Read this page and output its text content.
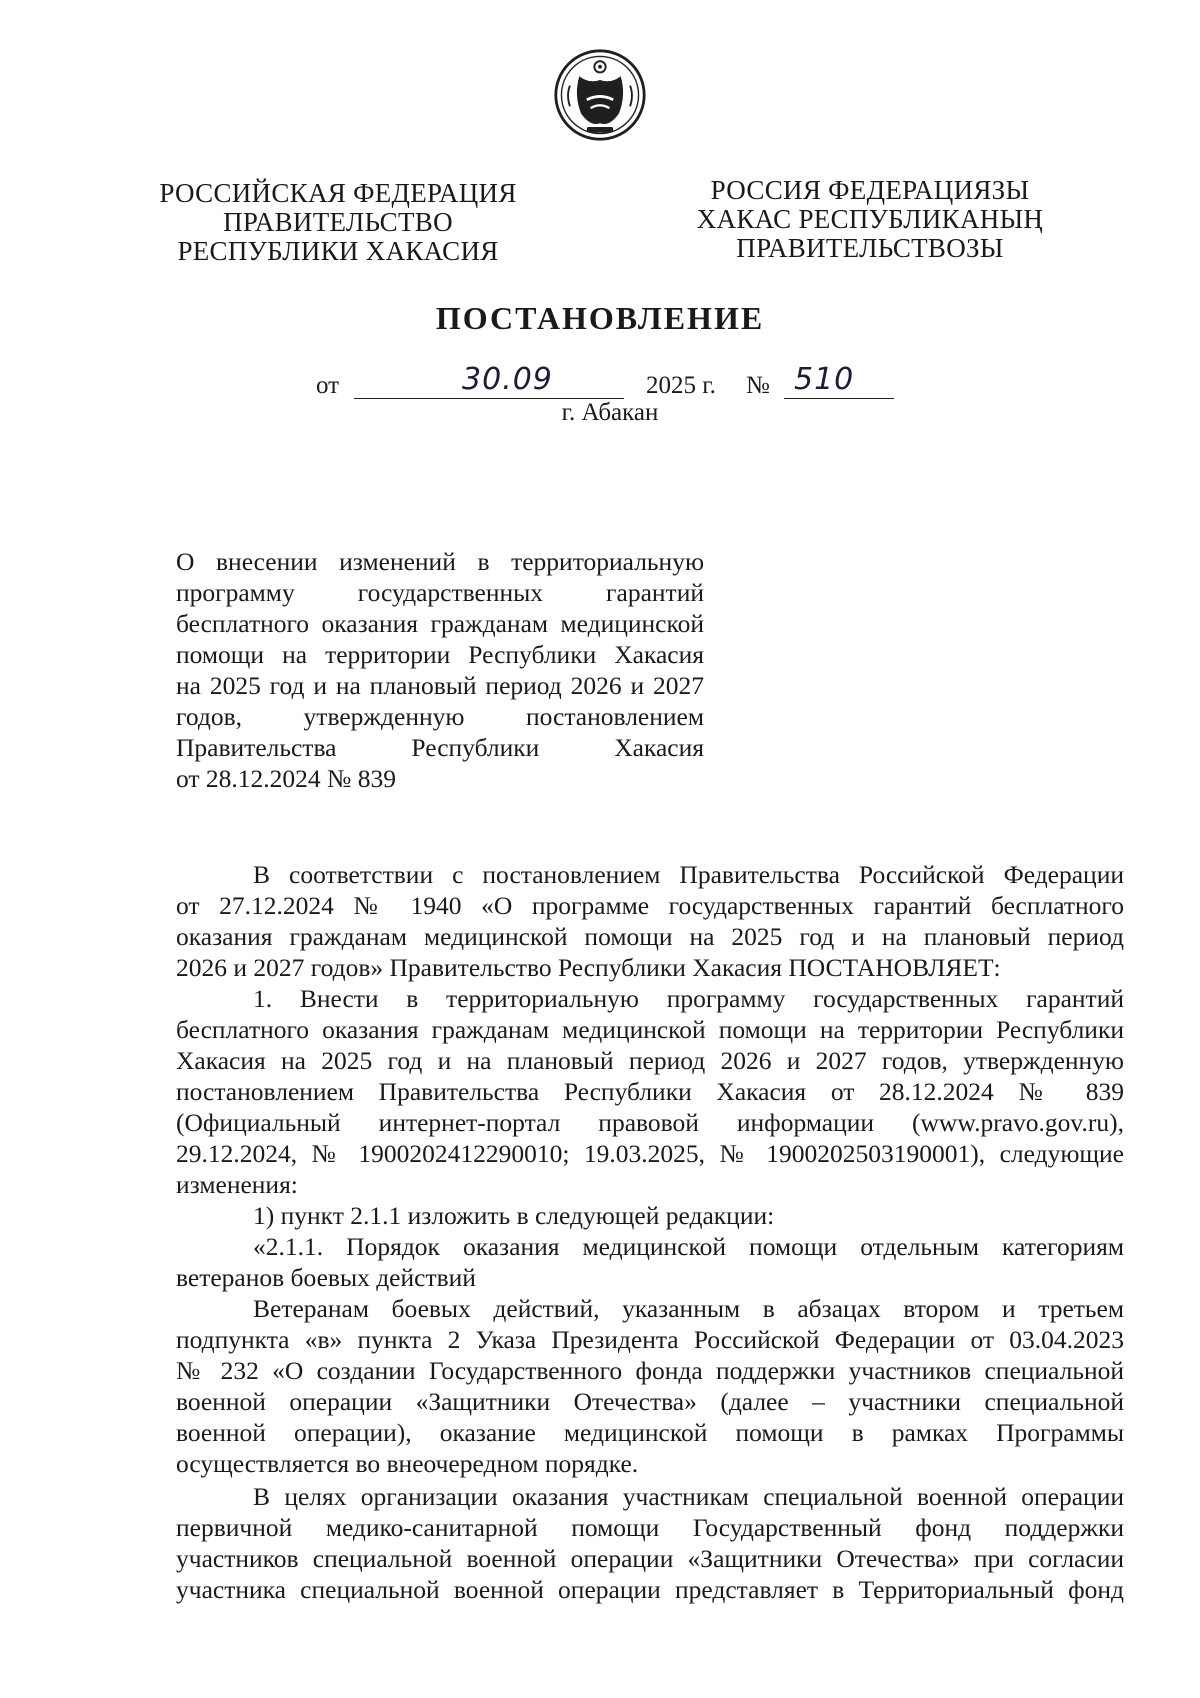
РОССИЙСКАЯ ФЕДЕРАЦИЯ
ПРАВИТЕЛЬСТВО
РЕСПУБЛИКИ ХАКАСИЯ
РОССИЯ ФЕДЕРАЦИЯЗЫ
ХАКАС РЕСПУБЛИКАНЫҢ
ПРАВИТЕЛЬСТВОЗЫ
ПОСТАНОВЛЕНИЕ
от	30.09	2025 г. № 510
г. Абакан
О внесении изменений в территориальную
программу государственных гарантий
бесплатного оказания гражданам медицинской
помощи на территории Республики Хакасия
на 2025 год и на плановый период 2026 и 2027
годов, утвержденную постановлением
Правительства Республики Хакасия
от 28.12.2024 № 839
В соответствии с постановлением Правительства Российской Федерации
от 27.12.2024 № 1940 «О программе государственных гарантий бесплатного
оказания гражданам медицинской помощи на 2025 год и на плановый период
2026 и 2027 годов» Правительство Республики Хакасия ПОСТАНОВЛЯЕТ:
1. Внести в территориальную программу государственных гарантий
бесплатного оказания гражданам медицинской помощи на территории Республики
Хакасия на 2025 год и на плановый период 2026 и 2027 годов, утвержденную
постановлением Правительства Республики Хакасия от 28.12.2024 № 839
(Официальный интернет-портал правовой информации (www.pravo.gov.ru),
29.12.2024, № 1900202412290010; 19.03.2025, № 1900202503190001), следующие
изменения:
1) пункт 2.1.1 изложить в следующей редакции:
«2.1.1. Порядок оказания медицинской помощи отдельным категориям
ветеранов боевых действий
Ветеранам боевых действий, указанным в абзацах втором и третьем
подпункта «в» пункта 2 Указа Президента Российской Федерации от 03.04.2023
№ 232 «О создании Государственного фонда поддержки участников специальной
военной операции «Защитники Отечества» (далее – участники специальной
военной операции), оказание медицинской помощи в рамках Программы
осуществляется во внеочередном порядке.
В целях организации оказания участникам специальной военной операции
первичной медико-санитарной помощи Государственный фонд поддержки
участников специальной военной операции «Защитники Отечества» при согласии
участника специальной военной операции представляет в Территориальный фонд
